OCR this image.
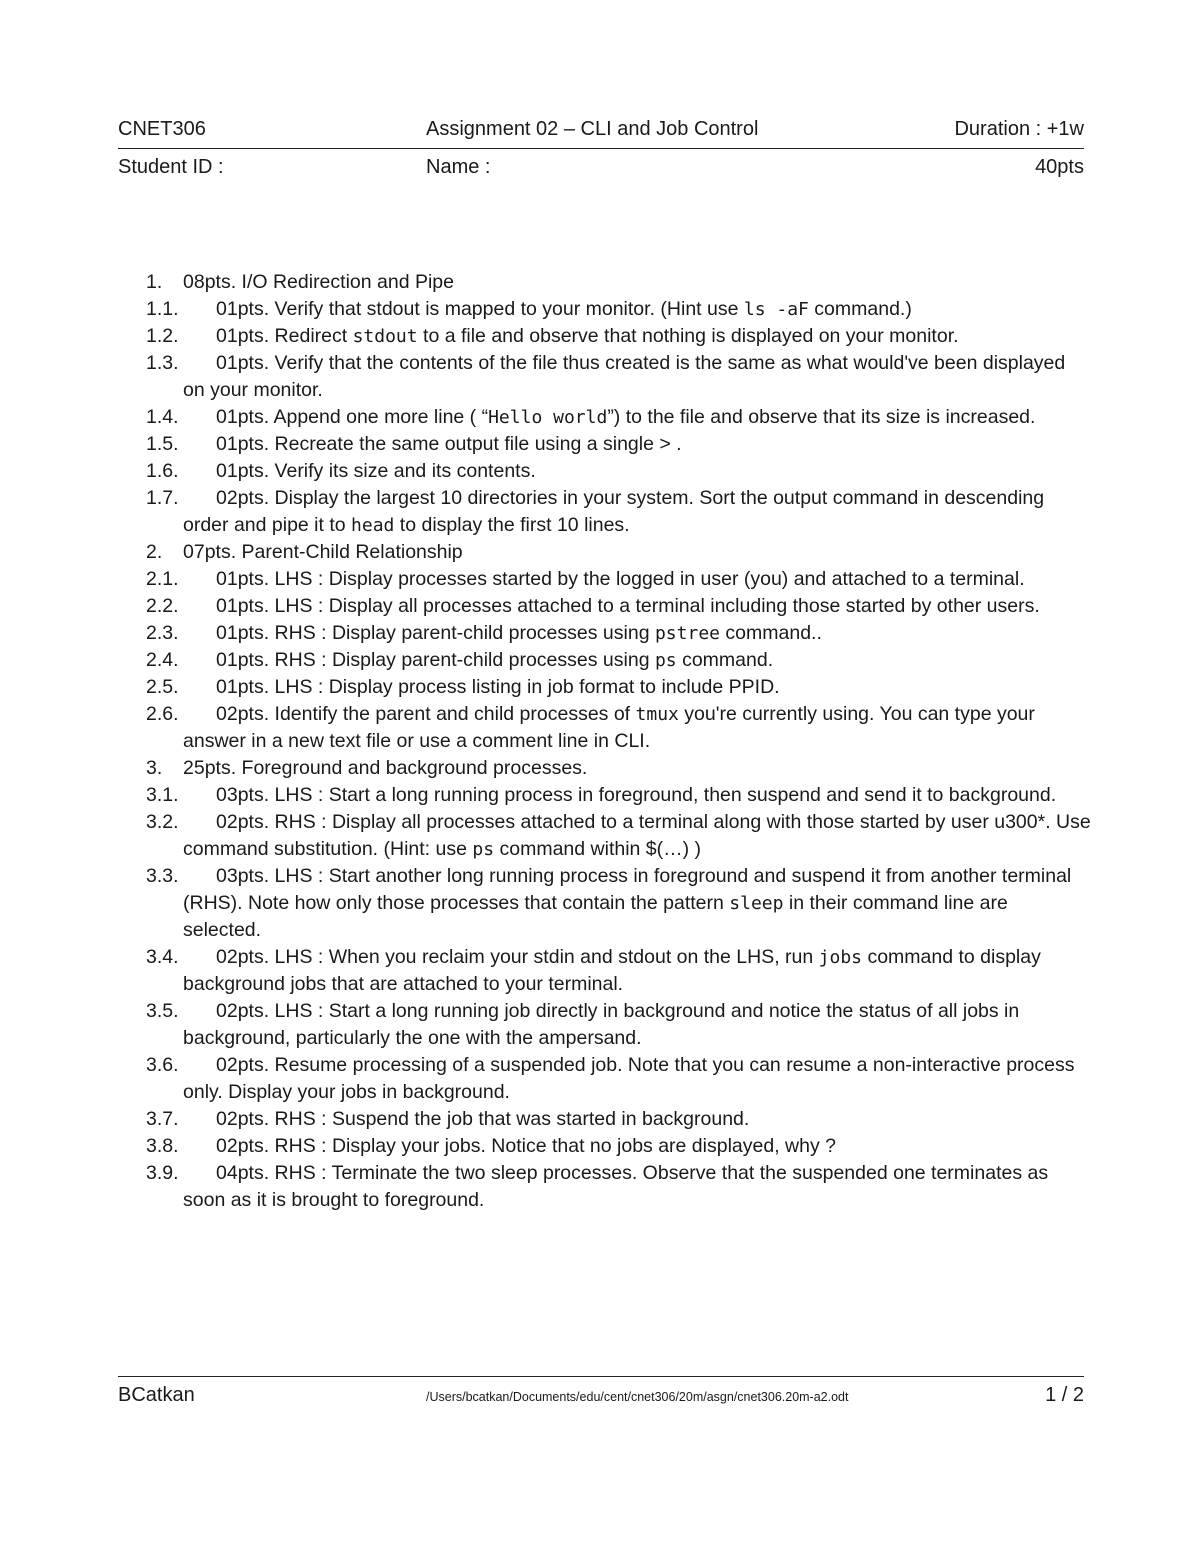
CNET306	Assignment 02 – CLI and Job Control	Duration : +1w
Student ID :	Name :	40pts
1. 08pts. I/O Redirection and Pipe
1.1. 01pts. Verify that stdout is mapped to your monitor. (Hint use ls -aF command.)
1.2. 01pts. Redirect stdout to a file and observe that nothing is displayed on your monitor.
1.3. 01pts. Verify that the contents of the file thus created is the same as what would've been displayed on your monitor.
1.4. 01pts. Append one more line ( “Hello world”) to the file and observe that its size is increased.
1.5. 01pts. Recreate the same output file using a single > .
1.6. 01pts. Verify its size and its contents.
1.7. 02pts. Display the largest 10 directories in your system. Sort the output command in descending order and pipe it to head to display the first 10 lines.
2. 07pts. Parent-Child Relationship
2.1. 01pts. LHS : Display processes started by the logged in user (you) and attached to a terminal.
2.2. 01pts. LHS : Display all processes attached to a terminal including those started by other users.
2.3. 01pts. RHS : Display parent-child processes using pstree command..
2.4. 01pts. RHS : Display parent-child processes using ps command.
2.5. 01pts. LHS : Display process listing in job format to include PPID.
2.6. 02pts. Identify the parent and child processes of tmux you're currently using. You can type your answer in a new text file or use a comment line in CLI.
3. 25pts. Foreground and background processes.
3.1. 03pts. LHS : Start a long running process in foreground, then suspend and send it to background.
3.2. 02pts. RHS : Display all processes attached to a terminal along with those started by user u300*. Use command substitution. (Hint: use ps command within $(…) )
3.3. 03pts. LHS : Start another long running process in foreground and suspend it from another terminal (RHS). Note how only those processes that contain the pattern sleep in their command line are selected.
3.4. 02pts. LHS : When you reclaim your stdin and stdout on the LHS, run jobs command to display background jobs that are attached to your terminal.
3.5. 02pts. LHS : Start a long running job directly in background and notice the status of all jobs in background, particularly the one with the ampersand.
3.6. 02pts. Resume processing of a suspended job. Note that you can resume a non-interactive process only. Display your jobs in background.
3.7. 02pts. RHS : Suspend the job that was started in background.
3.8. 02pts. RHS : Display your jobs. Notice that no jobs are displayed, why ?
3.9. 04pts. RHS : Terminate the two sleep processes. Observe that the suspended one terminates as soon as it is brought to foreground.
BCatkan	/Users/bcatkan/Documents/edu/cent/cnet306/20m/asgn/cnet306.20m-a2.odt	1 / 2
